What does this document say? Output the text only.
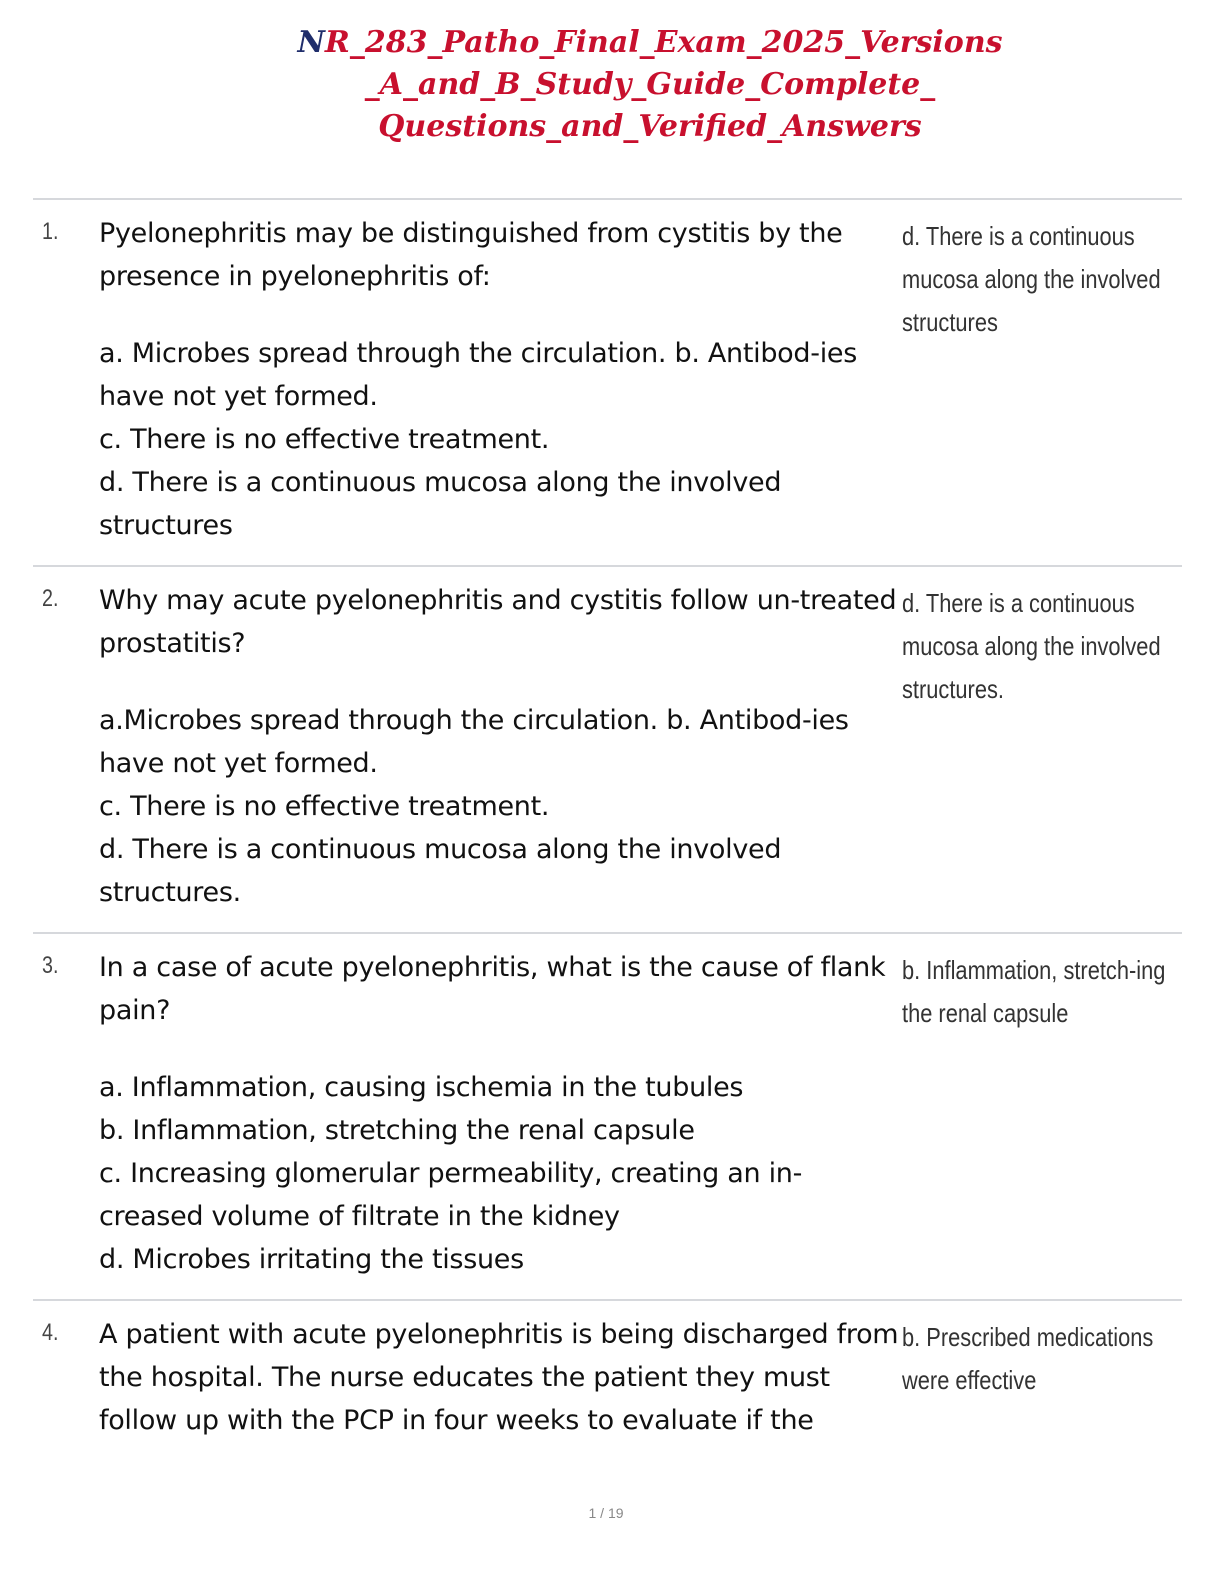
NR_283_Patho_Final_Exam_2025_Versions _A_and_B_Study_Guide_Complete_ Questions_and_Verified_Answers
1. Pyelonephritis may be distinguished from cystitis by the presence in pyelonephritis of:

a. Microbes spread through the circulation. b. Antibod-ies have not yet formed.
c. There is no effective treatment.
d. There is a continuous mucosa along the involved structures
d. There is a continuous mucosa along the involved structures
2. Why may acute pyelonephritis and cystitis follow un-treated prostatitis?

a.Microbes spread through the circulation. b. Antibod-ies have not yet formed.
c. There is no effective treatment.
d. There is a continuous mucosa along the involved structures.
d. There is a continuous mucosa along the involved structures.
3. In a case of acute pyelonephritis, what is the cause of flank pain?

a. Inflammation, causing ischemia in the tubules
b. Inflammation, stretching the renal capsule
c. Increasing glomerular permeability, creating an in-creased volume of filtrate in the kidney
d. Microbes irritating the tissues
b. Inflammation, stretch-ing the renal capsule
4. A patient with acute pyelonephritis is being discharged from the hospital. The nurse educates the patient they must follow up with the PCP in four weeks to evaluate if the

b. Prescribed medications were effective
1 / 19
